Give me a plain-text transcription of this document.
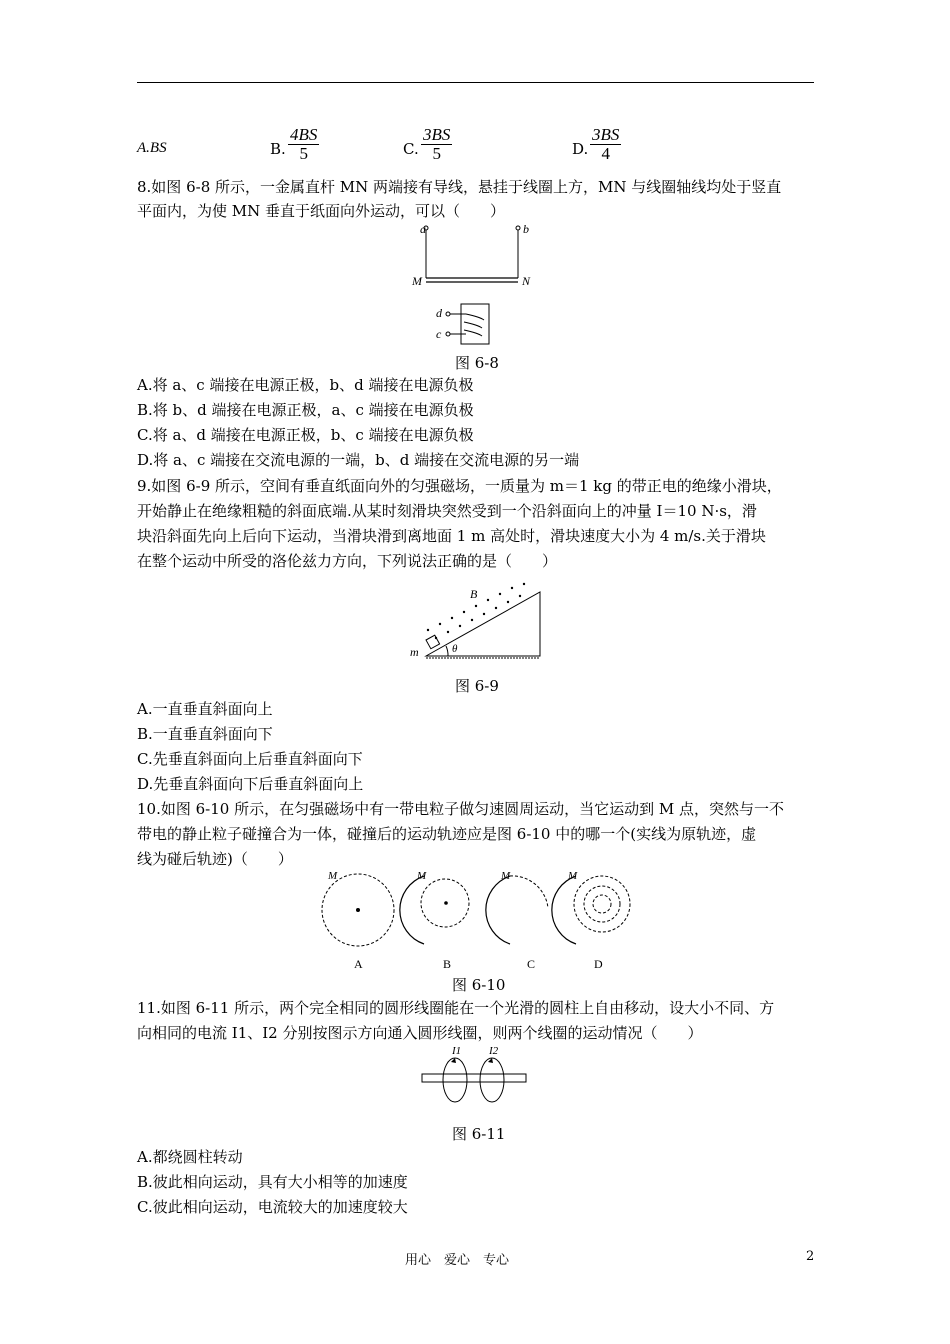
A.BS	B. $\frac{4BS}{5}$	C. $\frac{3BS}{5}$	D. $\frac{3BS}{4}$
8.如图 6-8 所示，一金属直杆 MN 两端接有导线，悬挂于线圈上方，MN 与线圈轴线均处于竖直
平面内，为使 MN 垂直于纸面向外运动，可以（　　）
a	b
M	N
d
c
图 6-8
A.将 a、c 端接在电源正极，b、d 端接在电源负极
B.将 b、d 端接在电源正极，a、c 端接在电源负极
C.将 a、d 端接在电源正极，b、c 端接在电源负极
D.将 a、c 端接在交流电源的一端，b、d 端接在交流电源的另一端
9.如图 6-9 所示，空间有垂直纸面向外的匀强磁场，一质量为 m＝1 kg 的带正电的绝缘小滑块，
开始静止在绝缘粗糙的斜面底端.从某时刻滑块突然受到一个沿斜面向上的冲量 I＝10 N·s，滑
块沿斜面先向上后向下运动，当滑块滑到离地面 1 m 高处时，滑块速度大小为 4 m/s.关于滑块
在整个运动中所受的洛伦兹力方向，下列说法正确的是（　　）
B
m	θ
图 6-9
A.一直垂直斜面向上
B.一直垂直斜面向下
C.先垂直斜面向上后垂直斜面向下
D.先垂直斜面向下后垂直斜面向上
10.如图 6-10 所示，在匀强磁场中有一带电粒子做匀速圆周运动，当它运动到 M 点，突然与一不
带电的静止粒子碰撞合为一体，碰撞后的运动轨迹应是图 6-10 中的哪一个(实线为原轨迹，虚
线为碰后轨迹)（　　）
M
A
M
B
M
C
M
D
图 6-10
11.如图 6-11 所示，两个完全相同的圆形线圈能在一个光滑的圆柱上自由移动，设大小不同、方
向相同的电流 I1、I2 分别按图示方向通入圆形线圈，则两个线圈的运动情况（　　）
I1	I2
图 6-11
A.都绕圆柱转动
B.彼此相向运动，具有大小相等的加速度
C.彼此相向运动，电流较大的加速度较大
用心　爱心　专心	2
